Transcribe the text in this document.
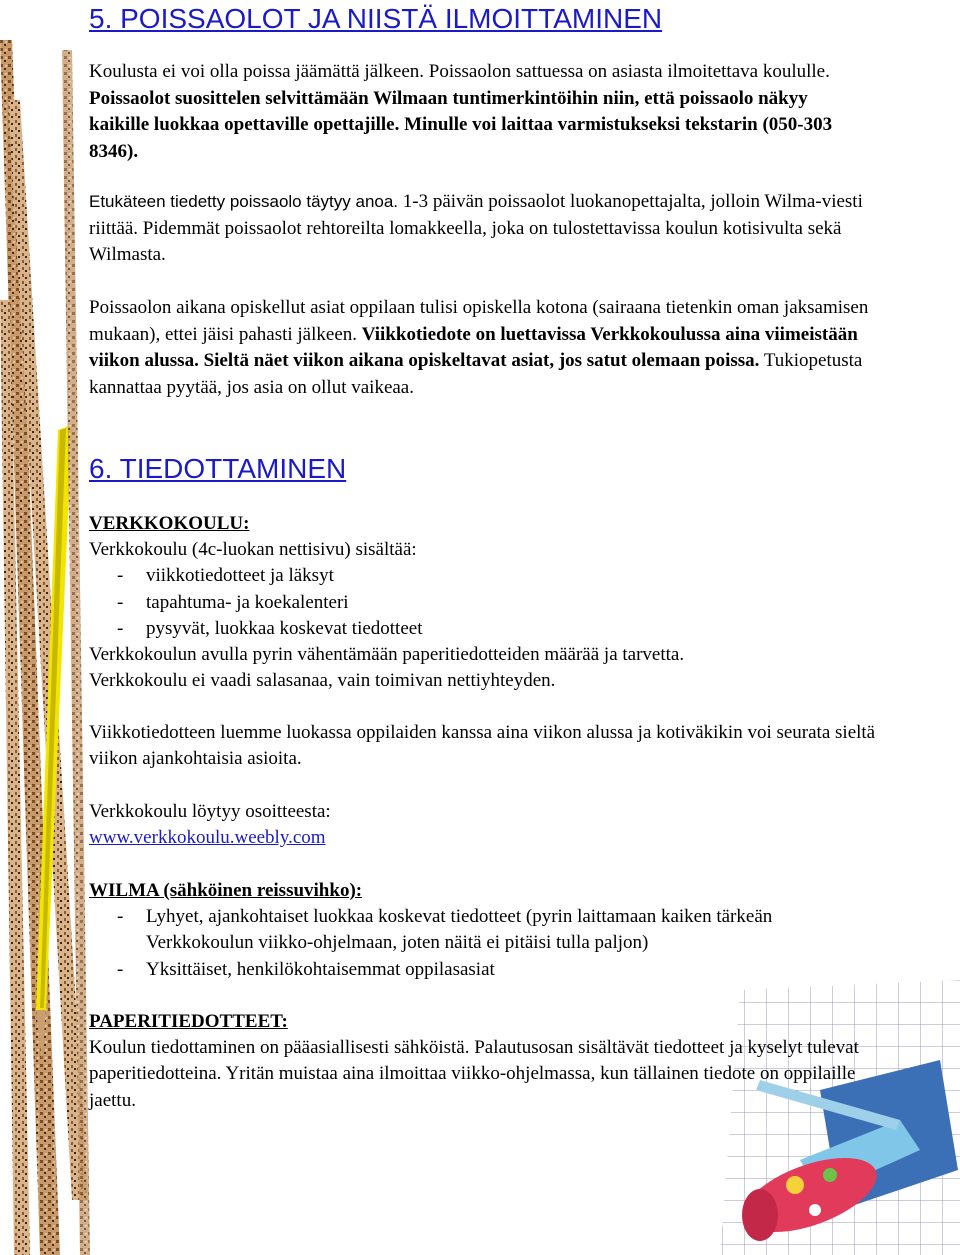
5. POISSAOLOT JA NIISTÄ ILMOITTAMINEN
Koulusta ei voi olla poissa jäämättä jälkeen. Poissaolon sattuessa on asiasta ilmoitettava koululle. Poissaolot suosittelen selvittämään Wilmaan tuntimerkintöihin niin, että poissaolo näkyy kaikille luokkaa opettaville opettajille. Minulle voi laittaa varmistukseksi tekstarin (050-303 8346).
Etukäteen tiedetty poissaolo täytyy anoa. 1-3 päivän poissaolot luokanopettajalta, jolloin Wilma-viesti riittää. Pidemmät poissaolot rehtoreilta lomakkeella, joka on tulostettavissa koulun kotisivulta sekä Wilmasta.
Poissaolon aikana opiskellut asiat oppilaan tulisi opiskella kotona (sairaana tietenkin oman jaksamisen mukaan), ettei jäisi pahasti jälkeen. Viikkotiedote on luettavissa Verkkokoulussa aina viimeistään viikon alussa. Sieltä näet viikon aikana opiskeltavat asiat, jos satut olemaan poissa. Tukiopetusta kannattaa pyytää, jos asia on ollut vaikeaa.
6. TIEDOTTAMINEN

VERKKOKOULU:

Verkkokoulu (4c-luokan nettisivu) sisältää:

- viikkotiedotteet ja läksyt
- tapahtuma- ja koekalenteri
- pysyvät, luokkaa koskevat tiedotteet

Verkkokoulun avulla pyrin vähentämään paperitiedotteiden määrää ja tarvetta.

Verkkokoulu ei vaadi salasanaa, vain toimivan nettiyhteyden.

Viikkotiedotteen luemme luokassa oppilaiden kanssa aina viikon alussa ja kotiväkikin voi seurata sieltä viikon ajankohtaisia asioita.

Verkkokoulu löytyy osoitteesta:

www.verkkokoulu.weebly.com

WILMA (sähköinen reissuvihko):

- Lyhyet, ajankohtaiset luokkaa koskevat tiedotteet (pyrin laittamaan kaiken tärkeän Verkkokoulun viikko-ohjelmaan, joten näitä ei pitäisi tulla paljon)
- Yksittäiset, henkilökohtaisemmat oppilasasiat

PAPERITIEDOTTEET:

Koulun tiedottaminen on pääasiallisesti sähköistä. Palautusosan sisältävät tiedotteet ja kyselyt tulevat paperitiedotteina. Yritän muistaa aina ilmoittaa viikko-ohjelmassa, kun tällainen tiedote on oppilaille jaettu.
